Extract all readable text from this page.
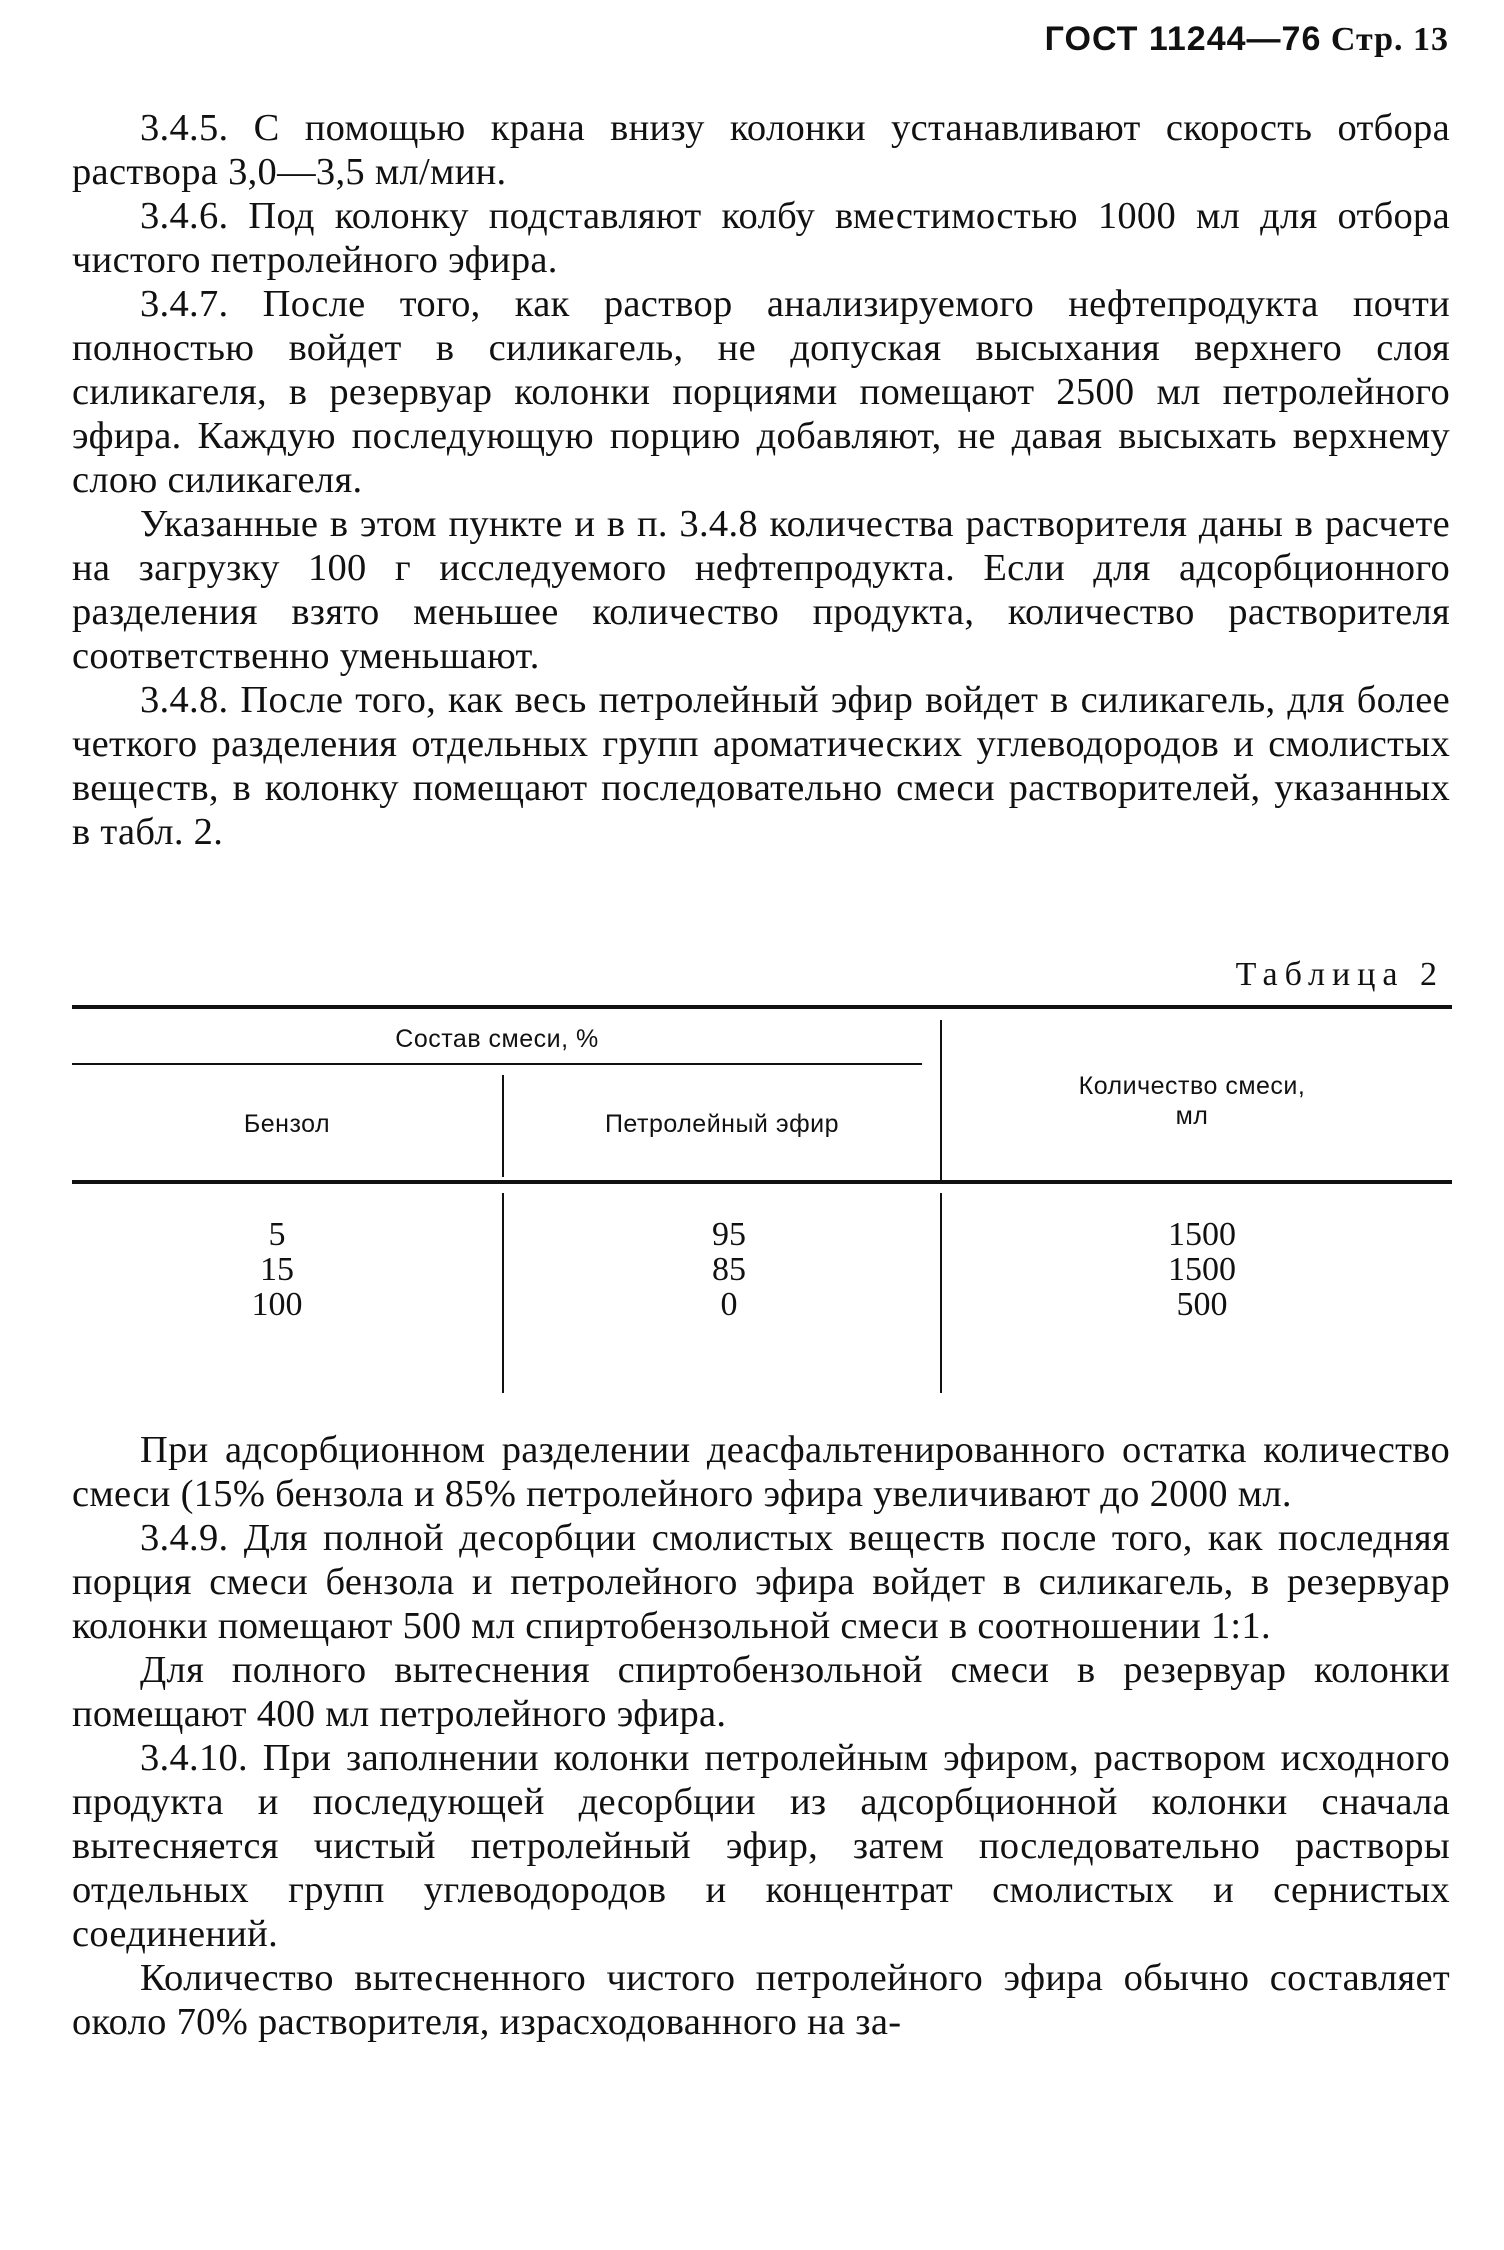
ГОСТ 11244—76 Стр. 13

3.4.5. С помощью крана внизу колонки устанавливают скорость отбора раствора 3,0—3,5 мл/мин.

3.4.6. Под колонку подставляют колбу вместимостью 1000 мл для отбора чистого петролейного эфира.

3.4.7. После того, как раствор анализируемого нефтепродукта почти полностью войдет в силикагель, не допуская высыхания верхнего слоя силикагеля, в резервуар колонки порциями помещают 2500 мл петролейного эфира. Каждую последующую порцию добавляют, не давая высыхать верхнему слою силикагеля.

Указанные в этом пункте и в п. 3.4.8 количества растворителя даны в расчете на загрузку 100 г исследуемого нефтепродукта. Если для адсорбционного разделения взято меньшее количество продукта, количество растворителя соответственно уменьшают.

3.4.8. После того, как весь петролейный эфир войдет в силикагель, для более четкого разделения отдельных групп ароматических углеводородов и смолистых веществ, в колонку помещают последовательно смеси растворителей, указанных в табл. 2.

Таблица 2
Состав смеси, %
Бензол	Петролейный эфир
Количество смеси, мл
5
15
100
95
85
0
1500
1500
500

При адсорбционном разделении деасфальтенированного остатка количество смеси (15% бензола и 85% петролейного эфира увеличивают до 2000 мл.

3.4.9. Для полной десорбции смолистых веществ после того, как последняя порция смеси бензола и петролейного эфира войдет в силикагель, в резервуар колонки помещают 500 мл спиртобензольной смеси в соотношении 1:1.

Для полного вытеснения спиртобензольной смеси в резервуар колонки помещают 400 мл петролейного эфира.

3.4.10. При заполнении колонки петролейным эфиром, раствором исходного продукта и последующей десорбции из адсорбционной колонки сначала вытесняется чистый петролейный эфир, затем последовательно растворы отдельных групп углеводородов и концентрат смолистых и сернистых соединений.

Количество вытесненного чистого петролейного эфира обычно составляет около 70% растворителя, израсходованного на за-
